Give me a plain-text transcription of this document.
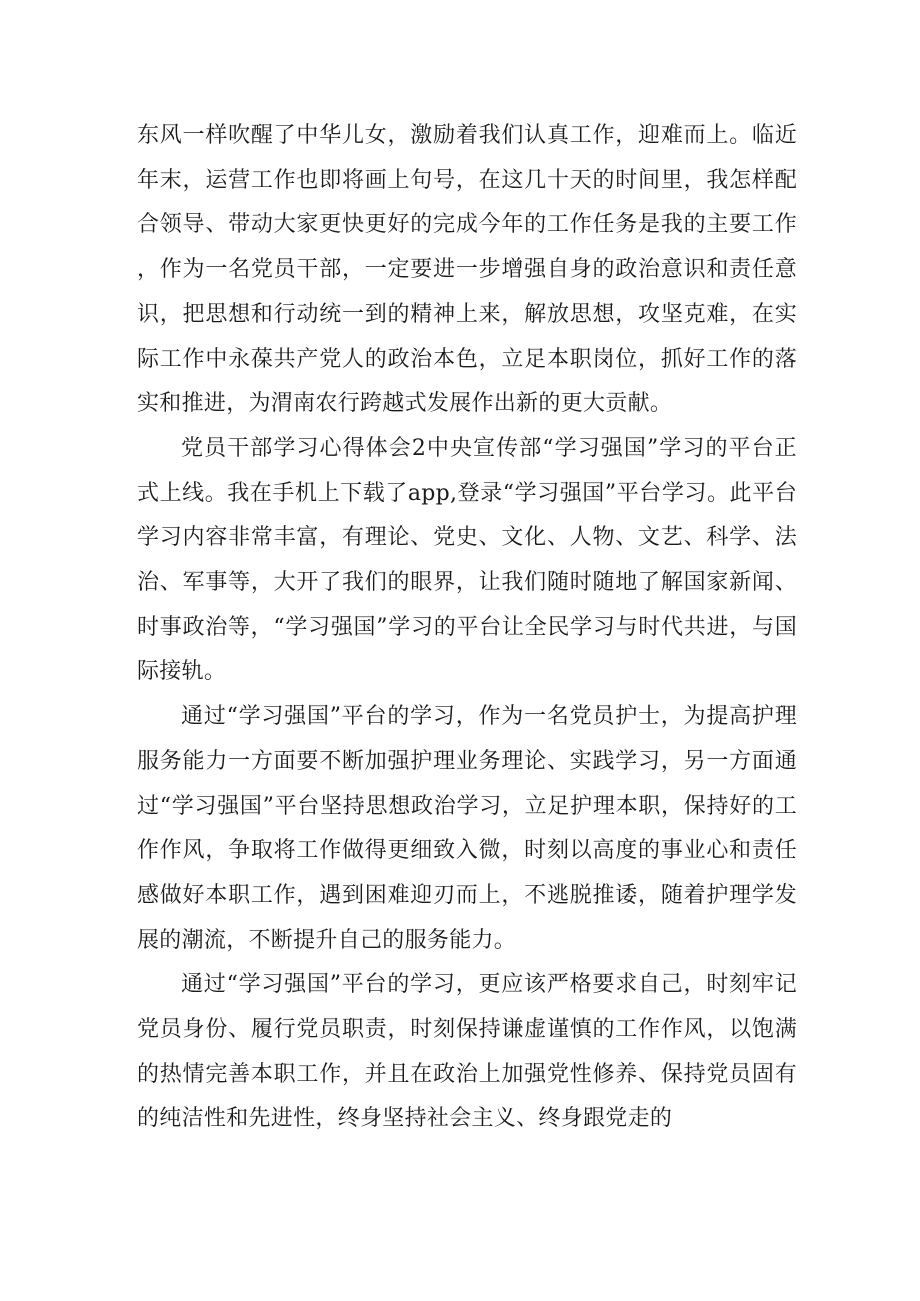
东风一样吹醒了中华儿女，激励着我们认真工作，迎难而上。临近年末，运营工作也即将画上句号，在这几十天的时间里，我怎样配合领导、带动大家更快更好的完成今年的工作任务是我的主要工作，作为一名党员干部，一定要进一步增强自身的政治意识和责任意识，把思想和行动统一到的精神上来，解放思想，攻坚克难，在实际工作中永葆共产党人的政治本色，立足本职岗位，抓好工作的落实和推进，为渭南农行跨越式发展作出新的更大贡献。

党员干部学习心得体会2中央宣传部“学习强国”学习的平台正式上线。我在手机上下载了app,登录“学习强国”平台学习。此平台学习内容非常丰富，有理论、党史、文化、人物、文艺、科学、法治、军事等，大开了我们的眼界，让我们随时随地了解国家新闻、时事政治等，“学习强国”学习的平台让全民学习与时代共进，与国际接轨。

通过“学习强国”平台的学习，作为一名党员护士，为提高护理服务能力一方面要不断加强护理业务理论、实践学习，另一方面通过“学习强国”平台坚持思想政治学习，立足护理本职，保持好的工作作风，争取将工作做得更细致入微，时刻以高度的事业心和责任感做好本职工作，遇到困难迎刃而上，不逃脱推诿，随着护理学发展的潮流，不断提升自己的服务能力。

通过“学习强国”平台的学习，更应该严格要求自己，时刻牢记党员身份、履行党员职责，时刻保持谦虚谨慎的工作作风，以饱满的热情完善本职工作，并且在政治上加强党性修养、保持党员固有的纯洁性和先进性，终身坚持社会主义、终身跟党走的
